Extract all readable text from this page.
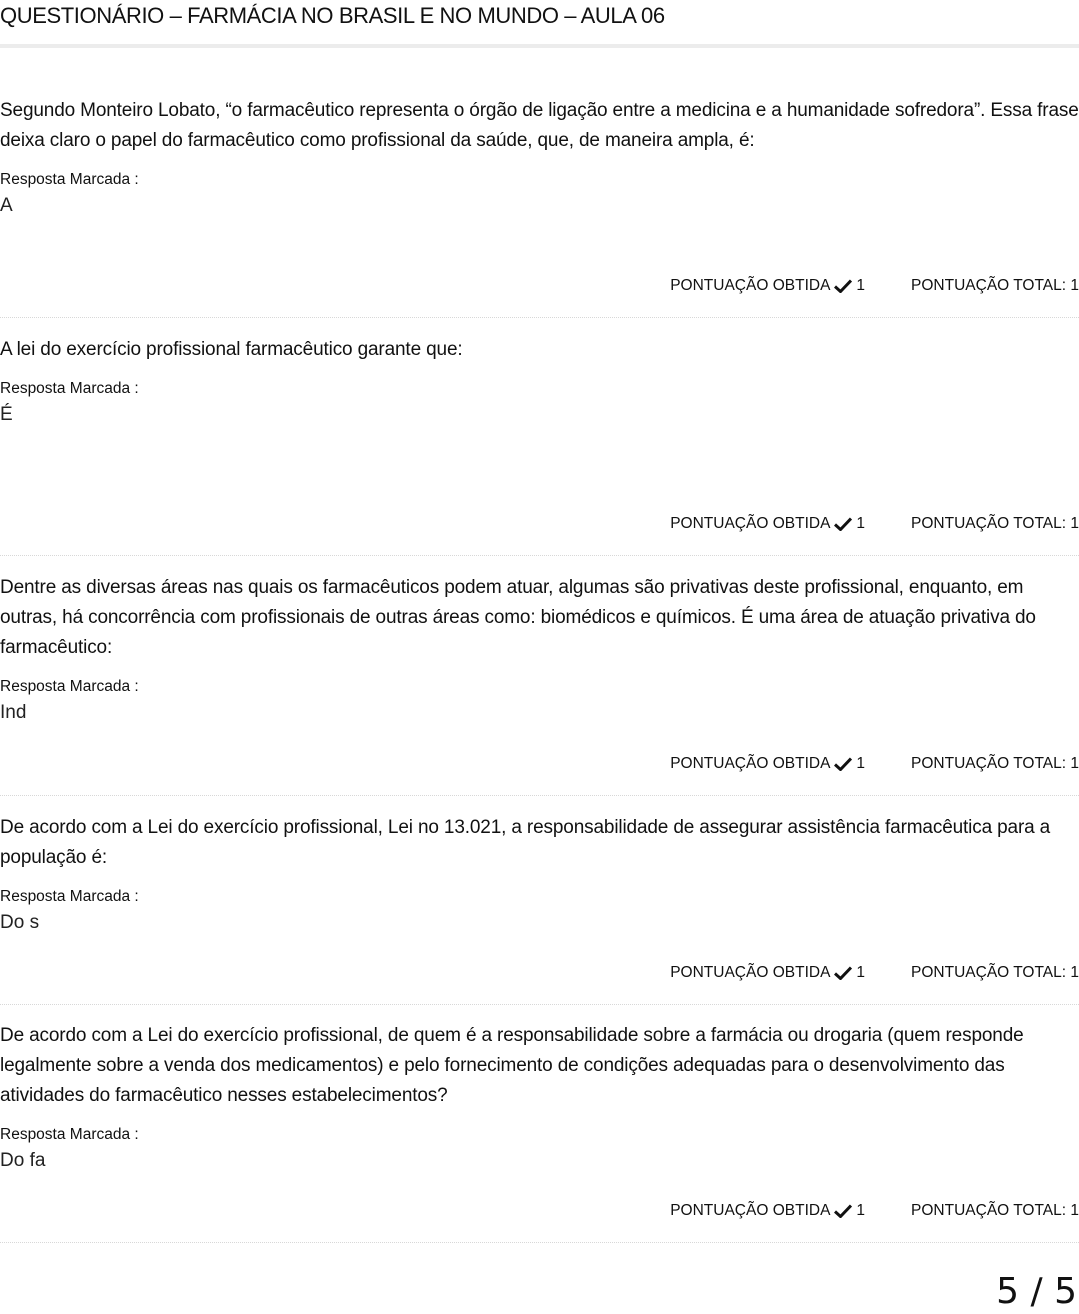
QUESTIONÁRIO – FARMÁCIA NO BRASIL E NO MUNDO – AULA 06

Segundo Monteiro Lobato, “o farmacêutico representa o órgão de ligação entre a medicina e a humanidade sofredora”. Essa frase deixa claro o papel do farmacêutico como profissional da saúde, que, de maneira ampla, é:

Resposta Marcada :
A
PONTUAÇÃO OBTIDA 1	PONTUAÇÃO TOTAL: 1

A lei do exercício profissional farmacêutico garante que:

Resposta Marcada :
É
PONTUAÇÃO OBTIDA 1	PONTUAÇÃO TOTAL: 1

Dentre as diversas áreas nas quais os farmacêuticos podem atuar, algumas são privativas deste profissional, enquanto, em outras, há concorrência com profissionais de outras áreas como: biomédicos e químicos. É uma área de atuação privativa do farmacêutico:

Resposta Marcada :
Ind
PONTUAÇÃO OBTIDA 1	PONTUAÇÃO TOTAL: 1

De acordo com a Lei do exercício profissional, Lei no 13.021, a responsabilidade de assegurar assistência farmacêutica para a população é:

Resposta Marcada :
Do s
PONTUAÇÃO OBTIDA 1	PONTUAÇÃO TOTAL: 1

De acordo com a Lei do exercício profissional, de quem é a responsabilidade sobre a farmácia ou drogaria (quem responde legalmente sobre a venda dos medicamentos) e pelo fornecimento de condições adequadas para o desenvolvimento das atividades do farmacêutico nesses estabelecimentos?

Resposta Marcada :
Do fa
PONTUAÇÃO OBTIDA 1	PONTUAÇÃO TOTAL: 1
5 / 5
